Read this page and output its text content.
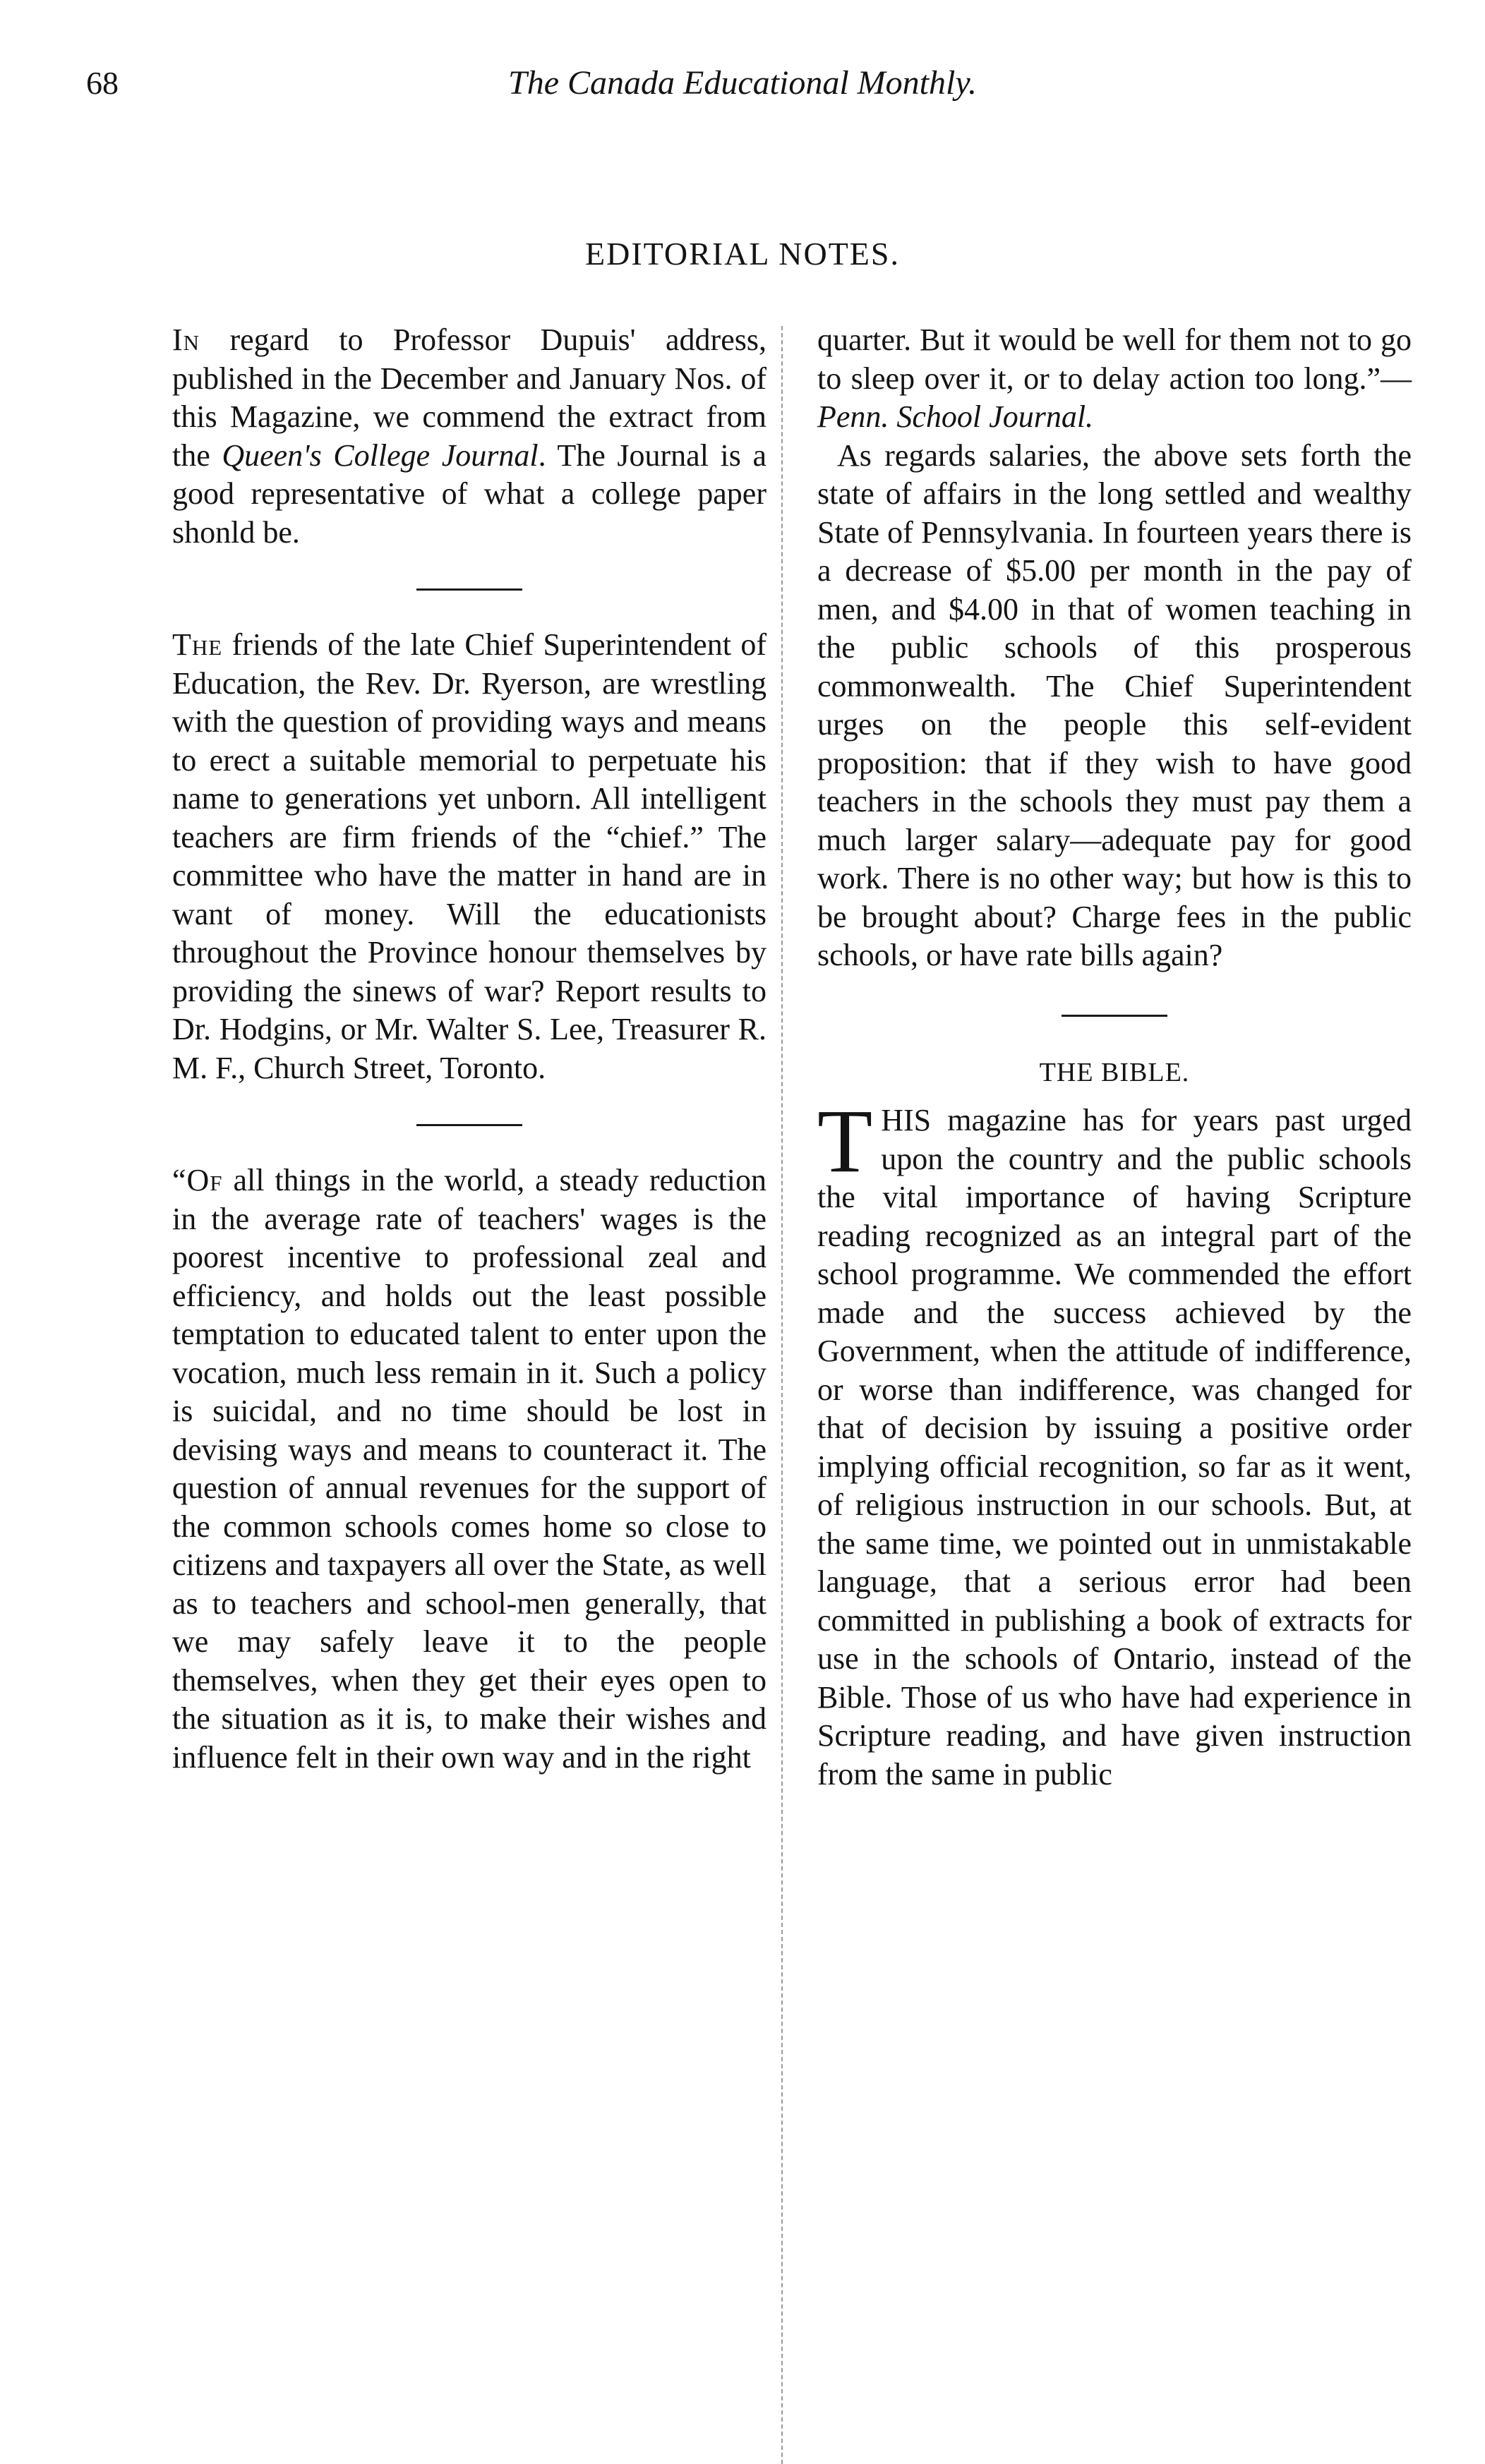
68	The Canada Educational Monthly.
EDITORIAL NOTES.

In regard to Professor Dupuis' address, published in the December and January Nos. of this Magazine, we commend the extract from the Queen's College Journal. The Journal is a good representative of what a college paper shonld be.

The friends of the late Chief Superintendent of Education, the Rev. Dr. Ryerson, are wrestling with the question of providing ways and means to erect a suitable memorial to perpetuate his name to generations yet unborn. All intelligent teachers are firm friends of the “chief.” The committee who have the matter in hand are in want of money. Will the educationists throughout the Province honour themselves by providing the sinews of war? Report results to Dr. Hodgins, or Mr. Walter S. Lee, Treasurer R. M. F., Church Street, Toronto.

“Of all things in the world, a steady reduction in the average rate of teachers' wages is the poorest incentive to professional zeal and efficiency, and holds out the least possible temptation to educated talent to enter upon the vocation, much less remain in it. Such a policy is suicidal, and no time should be lost in devising ways and means to counteract it. The question of annual revenues for the support of the common schools comes home so close to citizens and taxpayers all over the State, as well as to teachers and school-men generally, that we may safely leave it to the people themselves, when they get their eyes open to the situation as it is, to make their wishes and influence felt in their own way and in the right

quarter. But it would be well for them not to go to sleep over it, or to delay action too long.”—Penn. School Journal.

As regards salaries, the above sets forth the state of affairs in the long settled and wealthy State of Pennsylvania. In fourteen years there is a decrease of $5.00 per month in the pay of men, and $4.00 in that of women teaching in the public schools of this prosperous commonwealth. The Chief Superintendent urges on the people this self-evident proposition: that if they wish to have good teachers in the schools they must pay them a much larger salary—adequate pay for good work. There is no other way; but how is this to be brought about? Charge fees in the public schools, or have rate bills again?

THE BIBLE.

THIS magazine has for years past urged upon the country and the public schools the vital importance of having Scripture reading recognized as an integral part of the school programme. We commended the effort made and the success achieved by the Government, when the attitude of indifference, or worse than indifference, was changed for that of decision by issuing a positive order implying official recognition, so far as it went, of religious instruction in our schools. But, at the same time, we pointed out in unmistakable language, that a serious error had been committed in publishing a book of extracts for use in the schools of Ontario, instead of the Bible. Those of us who have had experience in Scripture reading, and have given instruction from the same in public
